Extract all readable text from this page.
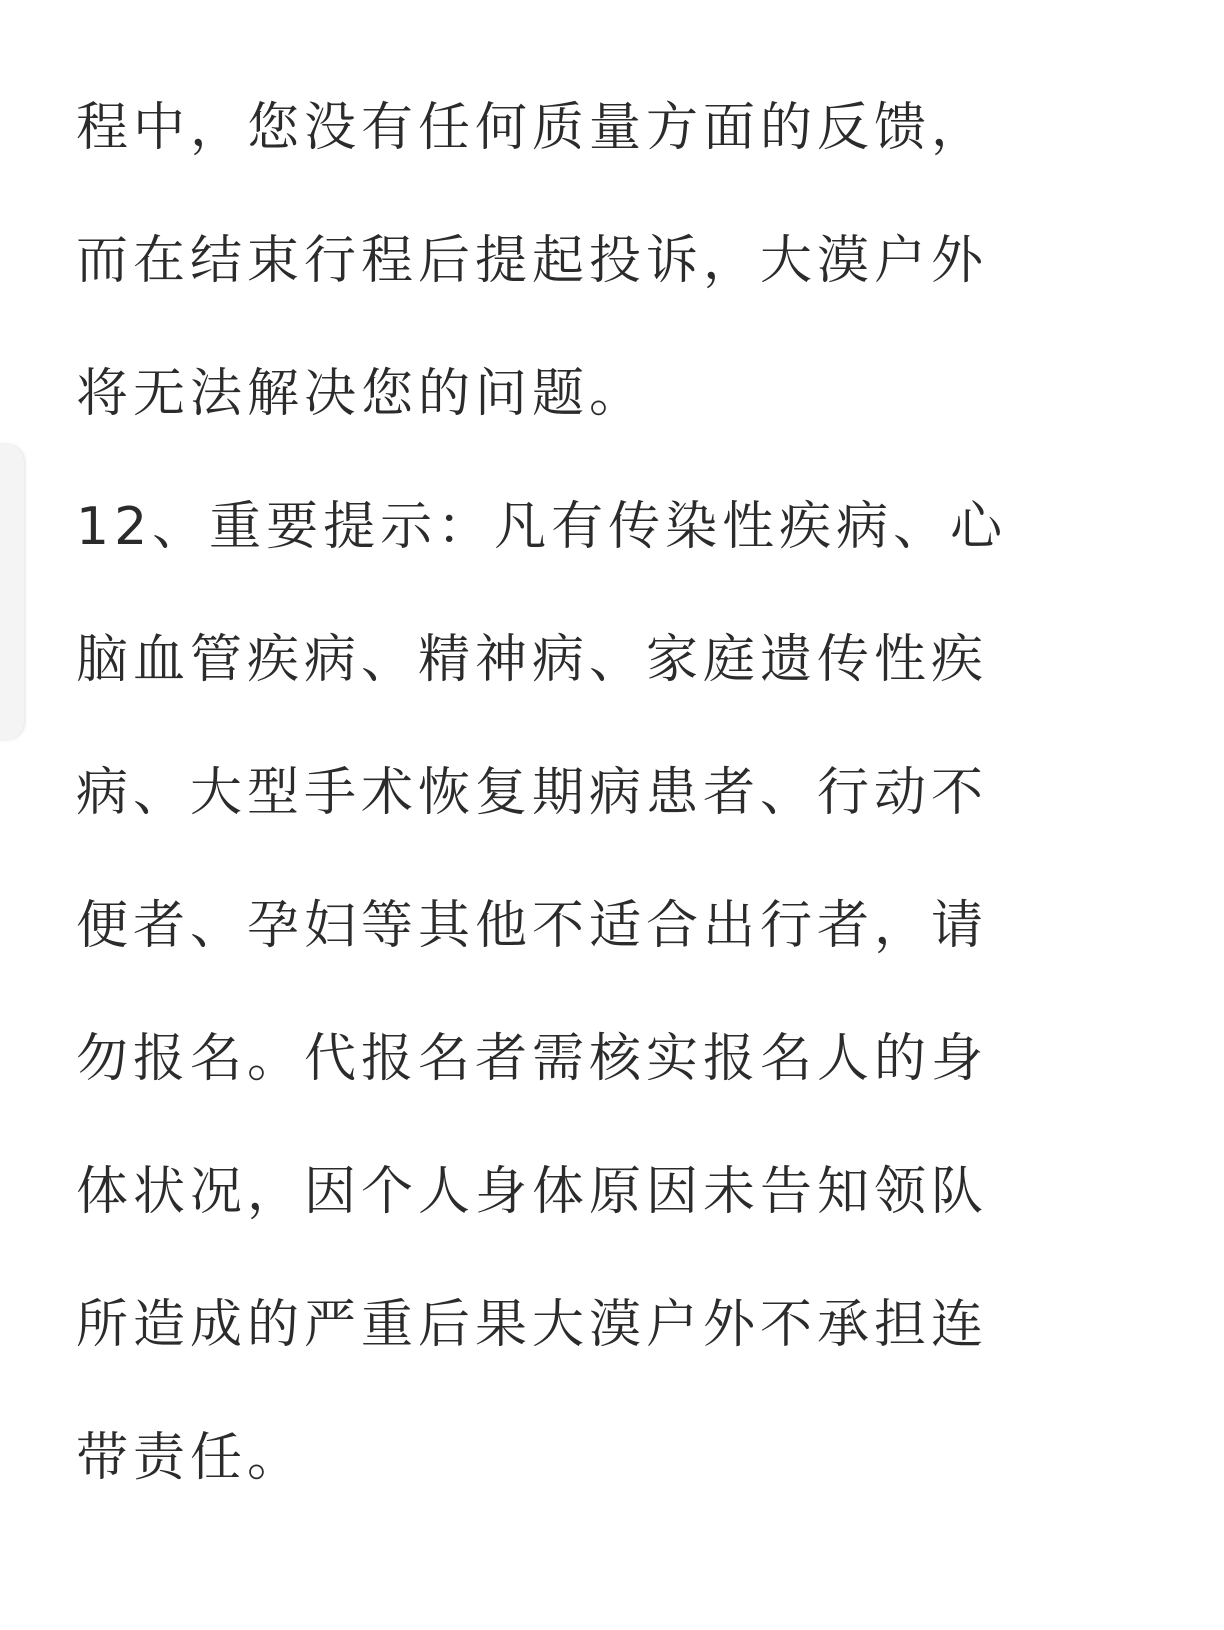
程中，您没有任何质量方面的反馈，
而在结束行程后提起投诉，大漠户外
将无法解决您的问题。
12、重要提示：凡有传染性疾病、心
脑血管疾病、精神病、家庭遗传性疾
病、大型手术恢复期病患者、行动不
便者、孕妇等其他不适合出行者，请
勿报名。代报名者需核实报名人的身
体状况，因个人身体原因未告知领队
所造成的严重后果大漠户外不承担连
带责任。
